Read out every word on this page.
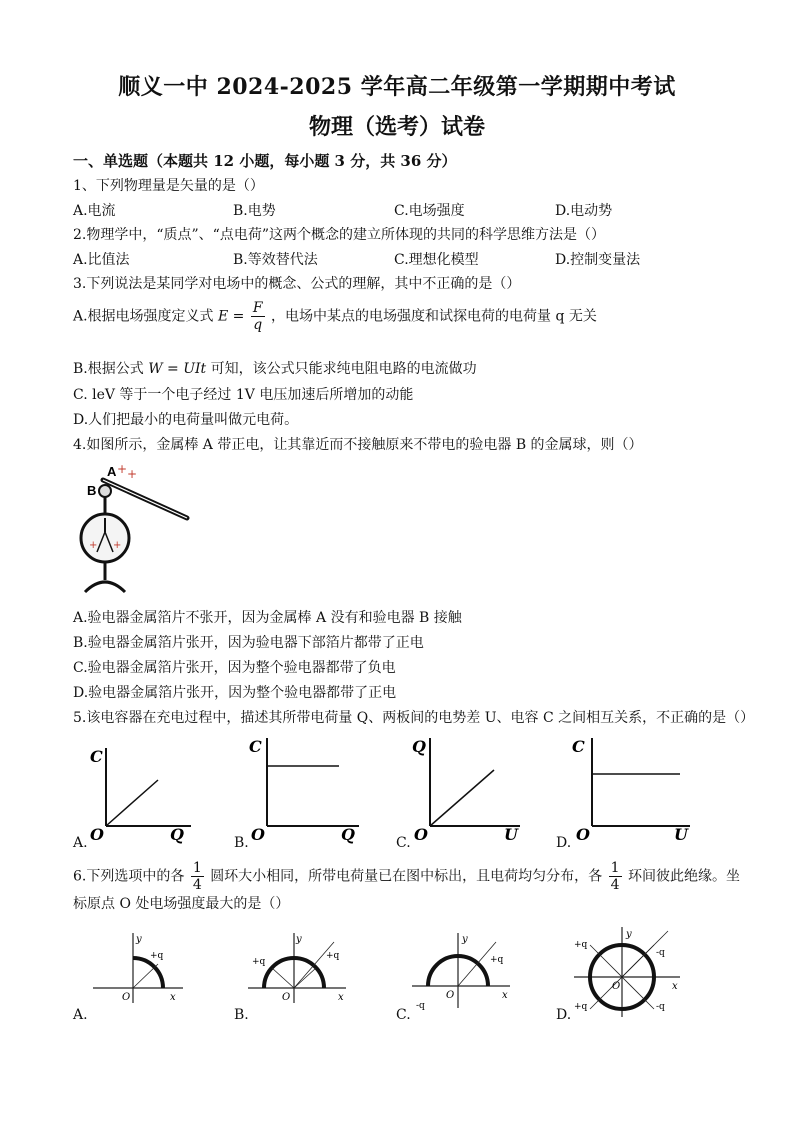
顺义一中 2024-2025 学年高二年级第一学期期中考试
物理（选考）试卷
一、单选题（本题共 12 小题，每小题 3 分，共 36 分）
1、下列物理量是矢量的是（）
A.电流	B.电势	C.电场强度	D.电动势
2.物理学中，“质点”、“点电荷”这两个概念的建立所体现的共同的科学思维方法是（）
A.比值法	B.等效替代法	C.理想化模型	D.控制变量法
3.下列说法是某同学对电场中的概念、公式的理解，其中不正确的是（）
A.根据电场强度定义式 $E = \frac{F}{q}$ ，电场中某点的电场强度和试探电荷的电荷量 q 无关
B.根据公式 W = UIt 可知，该公式只能求纯电阻电路的电流做功
C. leV 等于一个电子经过 1V 电压加速后所增加的动能
D.人们把最小的电荷量叫做元电荷。
4.如图所示，金属棒 A 带正电，让其靠近而不接触原来不带电的验电器 B 的金属球，则（）
+ +
A
B
+ +
A.验电器金属箔片不张开，因为金属棒 A 没有和验电器 B 接触
B.验电器金属箔片张开，因为验电器下部箔片都带了正电
C.验电器金属箔片张开，因为整个验电器都带了负电
D.验电器金属箔片张开，因为整个验电器都带了正电
5.该电容器在充电过程中，描述其所带电荷量 Q、两板间的电势差 U、电容 C 之间相互关系，不正确的是（）
A.
C
O	Q	B.
C
O	Q	C.
Q
O	U	D.
C
O	U
6.下列选项中的各 $\frac{1}{4}$ 圆环大小相同，所带电荷量已在图中标出，且电荷均匀分布，各 $\frac{1}{4}$ 环间彼此绝缘。坐
标原点 O 处电场强度最大的是（）
A.
y
x
O
+q
B.
y
x
O
+q
+q
C.
y
x
O
+q
-q
D.
y
x
O
+q
-q
+q	-q
